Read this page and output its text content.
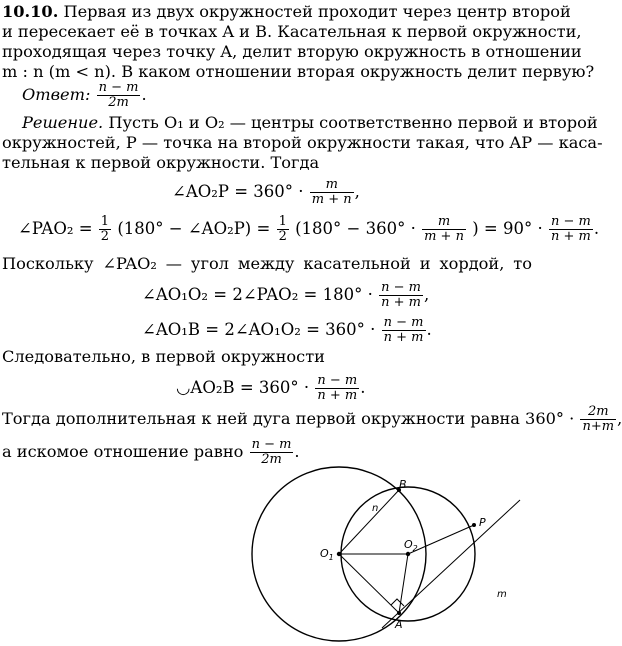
10.10. Первая из двух окружностей проходит через центр второй
и пересекает её в точках A и B. Касательная к первой окружности,
проходящая через точку A, делит вторую окружность в отношении
m : n (m < n). В каком отношении вторая окружность делит первую?
Ответ: $\frac{n - m}{2m}$ .
Решение. Пусть O₁ и O₂ — центры соответственно первой и второй
окружностей, P — точка на второй окружности такая, что AP — каса-
тельная к первой окружности. Тогда
∠AO₂P = $360^\circ \cdot \frac{m}{m + n}$ ,
∠PAO₂ = $\frac{1}{2} (180^\circ$ − ∠AO₂P) = $\frac{1}{2} (180^\circ - 360^\circ \cdot \frac{m}{m + n}$ ) = $90^\circ \cdot \frac{n - m}{n + m}$ .
Поскольку ∠PAO₂ — угол между касательной и хордой, то
∠AO₁O₂ = 2∠PAO₂ = $180^\circ \cdot \frac{n - m}{n + m}$ ,
∠AO₁B = 2∠AO₁O₂ = $360^\circ \cdot \frac{n - m}{n + m}$ .
Следовательно, в первой окружности
◡AO₂B = $360^\circ \cdot \frac{n - m}{n + m}$ .
Тогда дополнительная к ней дуга первой окружности равна $360^\circ \cdot \frac{2m}{n+m}$ ,
а искомое отношение равно $\frac{n - m}{2m}$ .
B
A
P
$O_1$
$O_2$
n
m
